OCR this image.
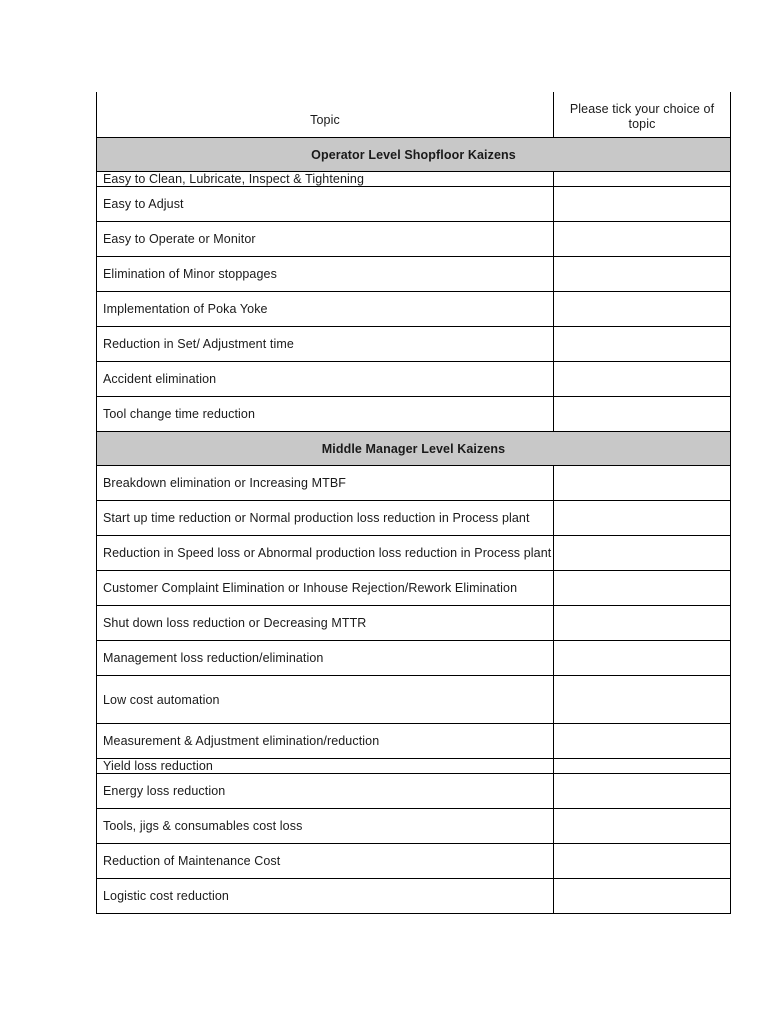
Topic	Please tick your choice of topic
Operator Level Shopfloor Kaizens	
Easy to Clean, Lubricate, Inspect & Tightening	
Easy to Adjust	
Easy to Operate or Monitor	
Elimination of Minor stoppages	
Implementation of Poka Yoke	
Reduction in Set/ Adjustment time	
Accident elimination	
Tool change time reduction	
Middle Manager Level Kaizens	
Breakdown elimination or Increasing MTBF	
Start up time reduction or Normal production loss reduction in Process plant	
Reduction in Speed loss or Abnormal production loss reduction in Process plant	
Customer Complaint Elimination or Inhouse Rejection/Rework Elimination	
Shut down loss reduction or Decreasing MTTR	
Management loss reduction/elimination	
Low cost automation	
Measurement & Adjustment elimination/reduction	
Yield loss reduction	
Energy loss reduction	
Tools, jigs & consumables cost loss	
Reduction of Maintenance Cost	
Logistic cost reduction	
